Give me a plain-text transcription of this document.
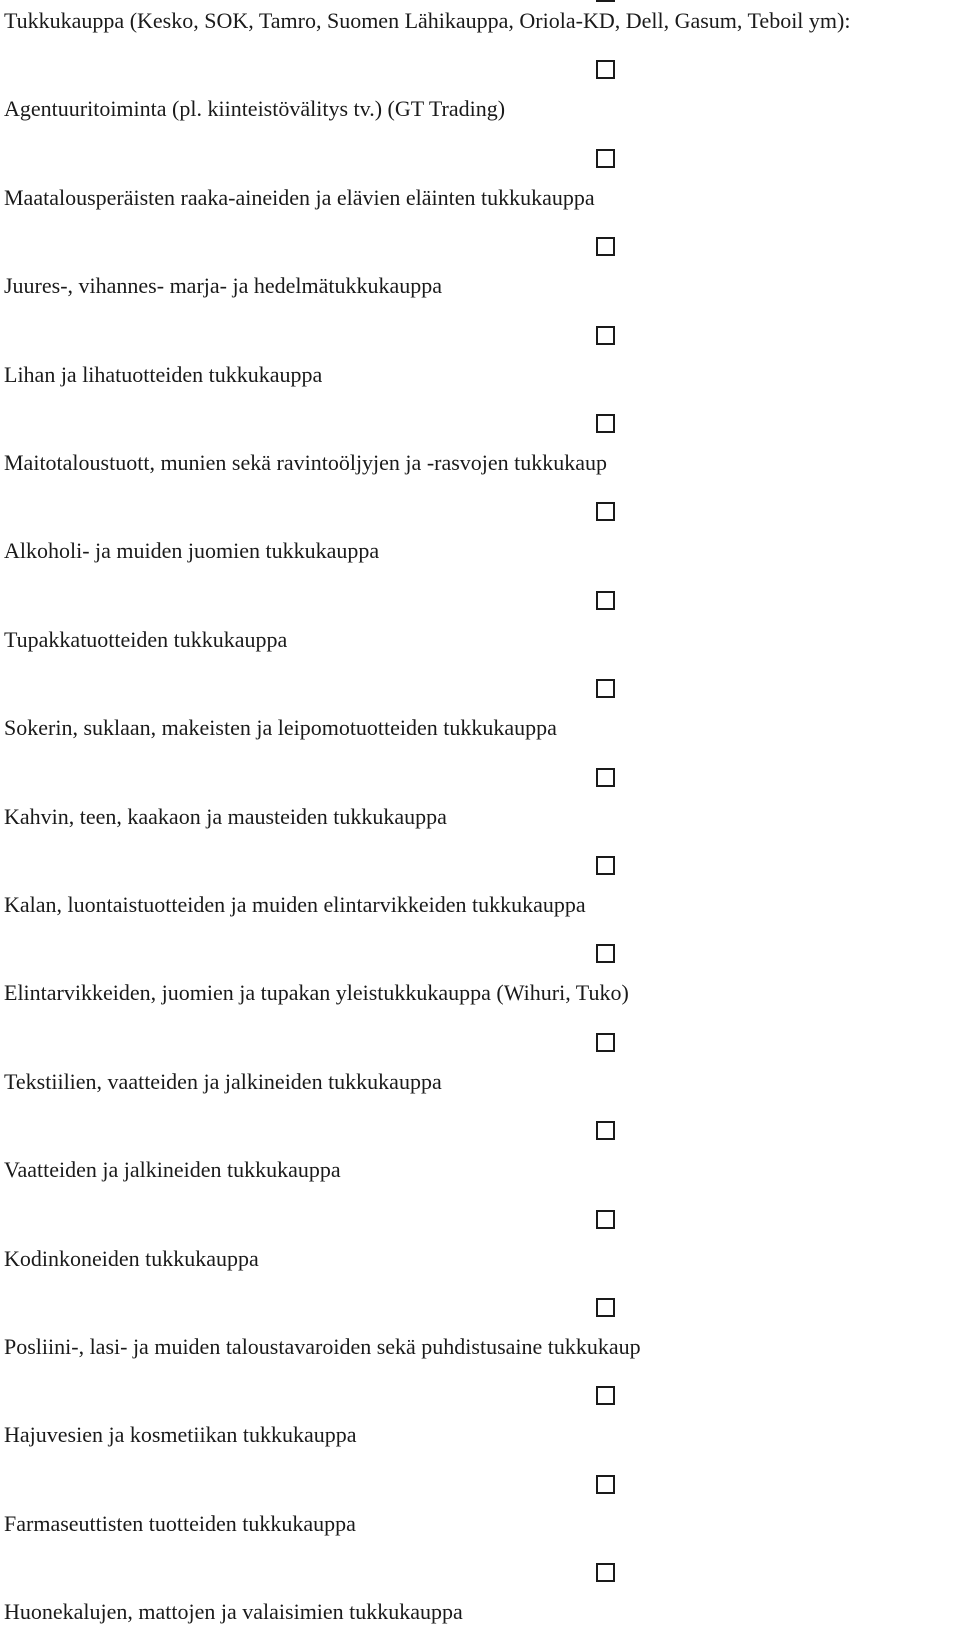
Tukkukauppa (Kesko, SOK, Tamro, Suomen Lähikauppa, Oriola-KD, Dell, Gasum, Teboil ym):
Agentuuritoiminta (pl. kiinteistövälitys tv.) (GT Trading)
Maatalousperäisten raaka-aineiden ja elävien eläinten tukkukauppa
Juures-, vihannes- marja- ja hedelmätukkukauppa
Lihan ja lihatuotteiden tukkukauppa
Maitotaloustuott, munien sekä ravintoöljyjen ja -rasvojen tukkukaup
Alkoholi- ja muiden juomien tukkukauppa
Tupakkatuotteiden tukkukauppa
Sokerin, suklaan, makeisten ja leipomotuotteiden tukkukauppa
Kahvin, teen, kaakaon ja mausteiden tukkukauppa
Kalan, luontaistuotteiden ja muiden elintarvikkeiden tukkukauppa
Elintarvikkeiden, juomien ja tupakan yleistukkukauppa (Wihuri, Tuko)
Tekstiilien, vaatteiden ja jalkineiden tukkukauppa
Vaatteiden ja jalkineiden tukkukauppa
Kodinkoneiden tukkukauppa
Posliini-, lasi- ja muiden taloustavaroiden sekä puhdistusaine tukkukaup
Hajuvesien ja kosmetiikan tukkukauppa
Farmaseuttisten tuotteiden tukkukauppa
Huonekalujen, mattojen ja valaisimien tukkukauppa
